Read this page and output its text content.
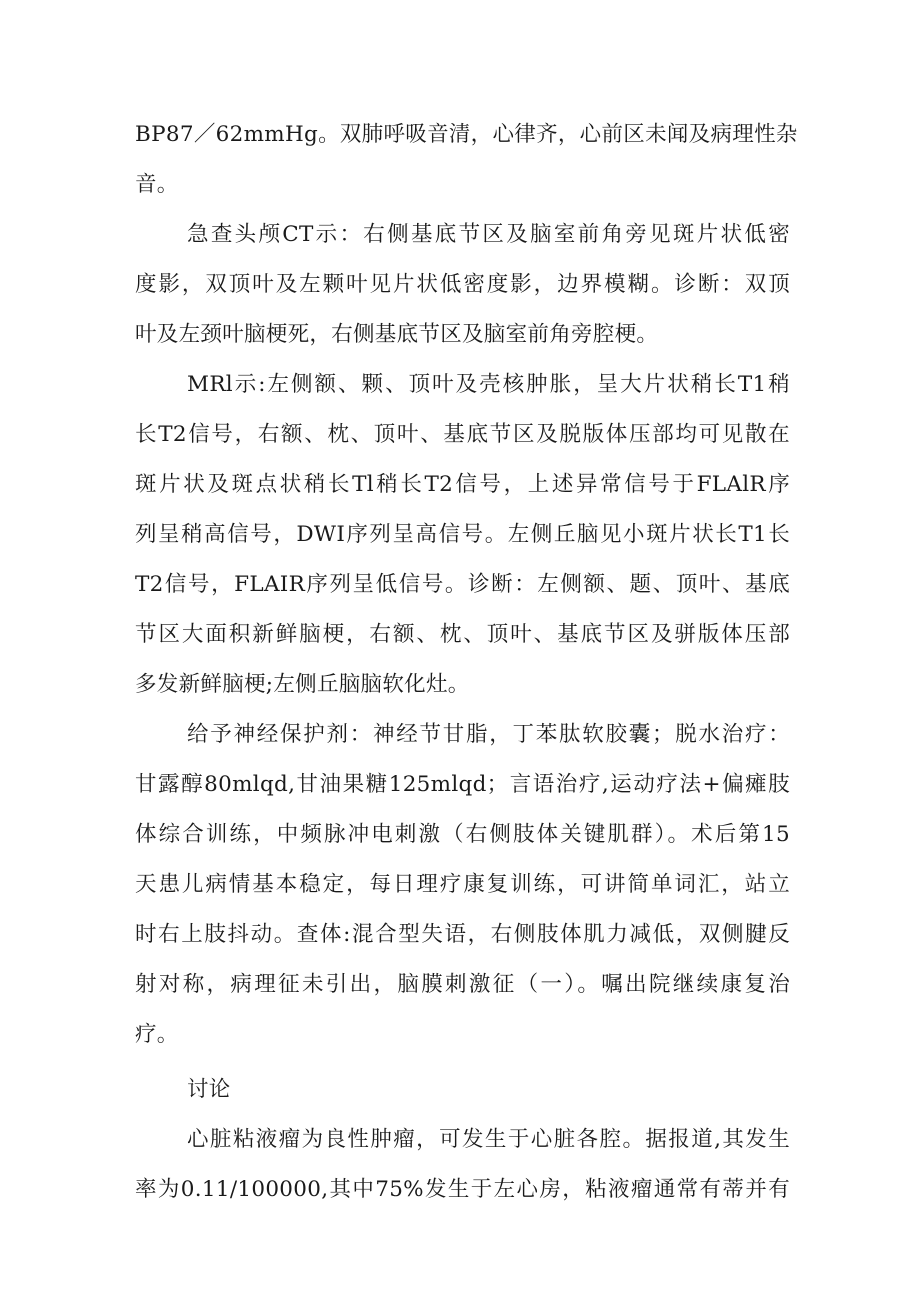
BP87／62mmHg。双肺呼吸音清，心律齐，心前区未闻及病理性杂
音。
急查头颅CT示：右侧基底节区及脑室前角旁见斑片状低密
度影，双顶叶及左颗叶见片状低密度影，边界模糊。诊断：双顶
叶及左颈叶脑梗死，右侧基底节区及脑室前角旁腔梗。
MRl示:左侧额、颗、顶叶及壳核肿胀，呈大片状稍长T1稍
长T2信号，右额、枕、顶叶、基底节区及脱版体压部均可见散在
斑片状及斑点状稍长Tl稍长T2信号，上述异常信号于FLAlR序
列呈稍高信号，DWI序列呈高信号。左侧丘脑见小斑片状长T1长
T2信号，FLAIR序列呈低信号。诊断：左侧额、题、顶叶、基底
节区大面积新鲜脑梗，右额、枕、顶叶、基底节区及骈版体压部
多发新鲜脑梗;左侧丘脑脑软化灶。
给予神经保护剂：神经节甘脂，丁苯肽软胶囊；脱水治疗：
甘露醇80mlqd,甘油果糖125mlqd；言语治疗,运动疗法+偏瘫肢
体综合训练，中频脉冲电刺激（右侧肢体关键肌群）。术后第15
天患儿病情基本稳定，每日理疗康复训练，可讲简单词汇，站立
时右上肢抖动。查体:混合型失语，右侧肢体肌力减低，双侧腱反
射对称，病理征未引出，脑膜刺激征（一）。嘱出院继续康复治
疗。
讨论
心脏粘液瘤为良性肿瘤，可发生于心脏各腔。据报道,其发生
率为0.11/100000,其中75%发生于左心房，粘液瘤通常有蒂并有
